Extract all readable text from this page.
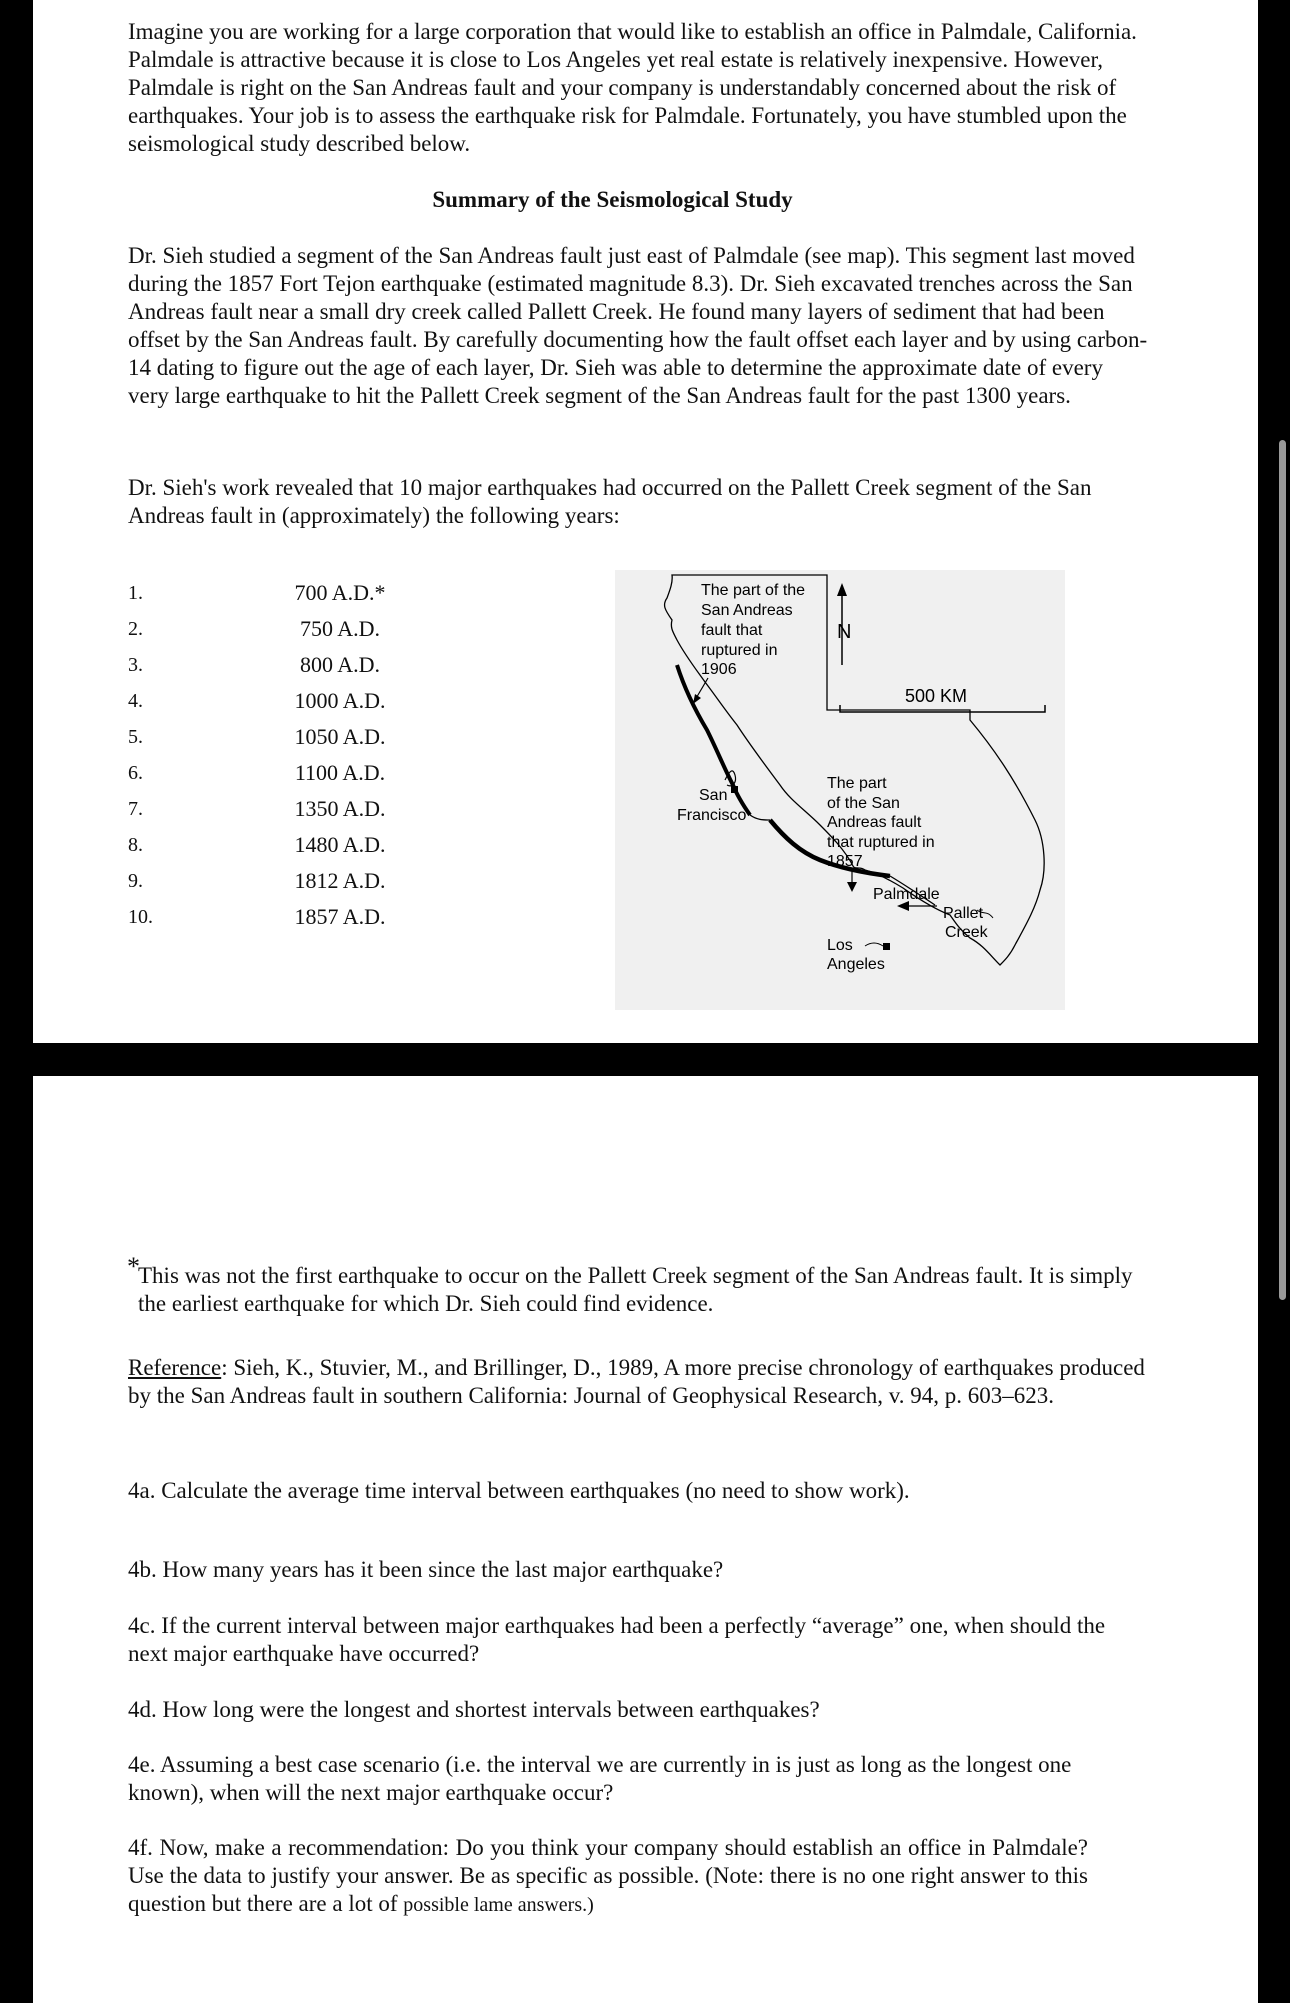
Imagine you are working for a large corporation that would like to establish an office in Palmdale, California. Palmdale is attractive because it is close to Los Angeles yet real estate is relatively inexpensive. However, Palmdale is right on the San Andreas fault and your company is understandably concerned about the risk of earthquakes. Your job is to assess the earthquake risk for Palmdale. Fortunately, you have stumbled upon the seismological study described below.

Summary of the Seismological Study

Dr. Sieh studied a segment of the San Andreas fault just east of Palmdale (see map). This segment last moved during the 1857 Fort Tejon earthquake (estimated magnitude 8.3). Dr. Sieh excavated trenches across the San Andreas fault near a small dry creek called Pallett Creek. He found many layers of sediment that had been offset by the San Andreas fault. By carefully documenting how the fault offset each layer and by using carbon-14 dating to figure out the age of each layer, Dr. Sieh was able to determine the approximate date of every very large earthquake to hit the Pallett Creek segment of the San Andreas fault for the past 1300 years.

Dr. Sieh's work revealed that 10 major earthquakes had occurred on the Pallett Creek segment of the San Andreas fault in (approximately) the following years:

1.	700 A.D.*
2.	750 A.D.
3.	800 A.D.
4.	1000 A.D.
5.	1050 A.D.
6.	1100 A.D.
7.	1350 A.D.
8.	1480 A.D.
9.	1812 A.D.
10.	1857 A.D.
N
500 KM
The part of the San Andreas fault that ruptured in 1906
San Francisco
The part of the San Andreas fault that ruptured in 1857
Palmdale
Pallet Creek
Los Angeles
*

This was not the first earthquake to occur on the Pallett Creek segment of the San Andreas fault. It is simply the earliest earthquake for which Dr. Sieh could find evidence.

Reference: Sieh, K., Stuvier, M., and Brillinger, D., 1989, A more precise chronology of earthquakes produced by the San Andreas fault in southern California: Journal of Geophysical Research, v. 94, p. 603–623.

4a. Calculate the average time interval between earthquakes (no need to show work).

4b. How many years has it been since the last major earthquake?

4c. If the current interval between major earthquakes had been a perfectly “average” one, when should the next major earthquake have occurred?

4d. How long were the longest and shortest intervals between earthquakes?

4e. Assuming a best case scenario (i.e. the interval we are currently in is just as long as the longest one known), when will the next major earthquake occur?

4f. Now, make a recommendation: Do you think your company should establish an office in Palmdale? Use the data to justify your answer. Be as specific as possible. (Note: there is no one right answer to this question but there are a lot of possible lame answers.)
